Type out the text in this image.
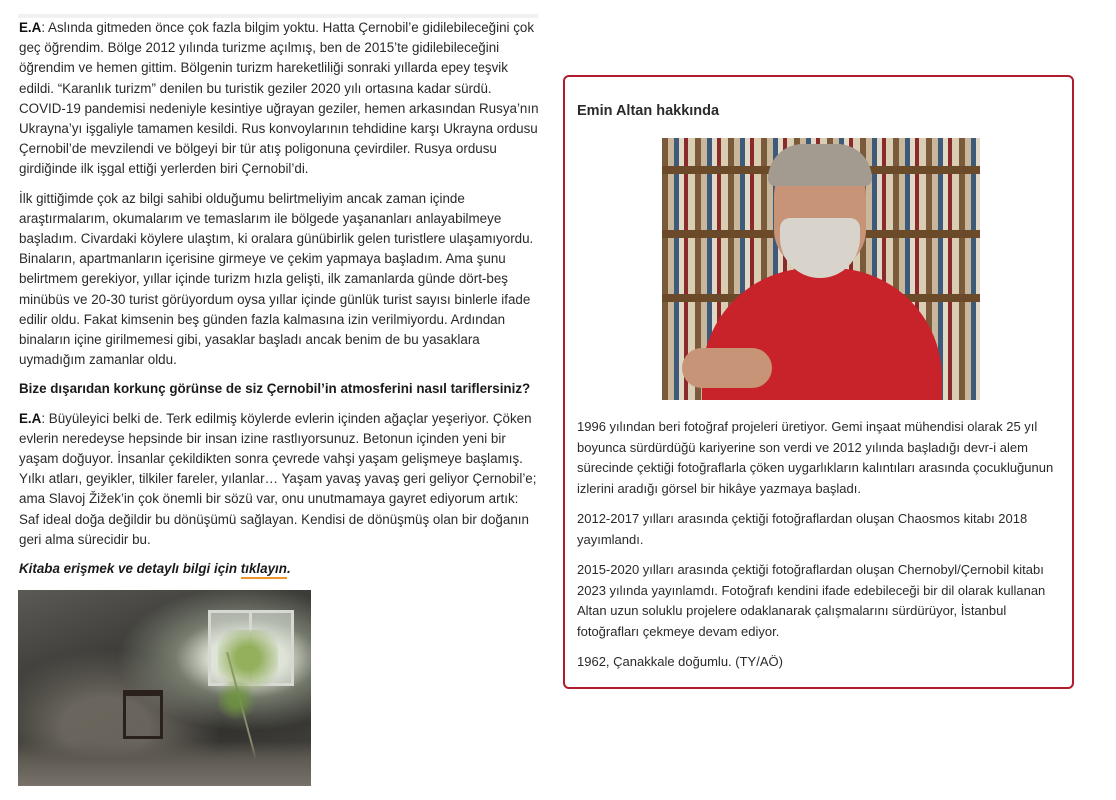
E.A: Aslında gitmeden önce çok fazla bilgim yoktu. Hatta Çernobil’e gidilebileceğini çok geç öğrendim. Bölge 2012 yılında turizme açılmış, ben de 2015’te gidilebileceğini öğrendim ve hemen gittim. Bölgenin turizm hareketliliği sonraki yıllarda epey teşvik edildi. “Karanlık turizm” denilen bu turistik geziler 2020 yılı ortasına kadar sürdü. COVID-19 pandemisi nedeniyle kesintiye uğrayan geziler, hemen arkasından Rusya’nın Ukrayna’yı işgaliyle tamamen kesildi. Rus konvoylarının tehdidine karşı Ukrayna ordusu Çernobil’de mevzilendi ve bölgeyi bir tür atış poligonuna çevirdiler. Rusya ordusu girdiğinde ilk işgal ettiği yerlerden biri Çernobil’di.

İlk gittiğimde çok az bilgi sahibi olduğumu belirtmeliyim ancak zaman içinde araştırmalarım, okumalarım ve temaslarım ile bölgede yaşananları anlayabilmeye başladım. Civardaki köylere ulaştım, ki oralara günübirlik gelen turistlere ulaşamıyordu. Binaların, apartmanların içerisine girmeye ve çekim yapmaya başladım. Ama şunu belirtmem gerekiyor, yıllar içinde turizm hızla gelişti, ilk zamanlarda günde dört-beş minübüs ve 20-30 turist görüyordum oysa yıllar içinde günlük turist sayısı binlerle ifade edilir oldu. Fakat kimsenin beş günden fazla kalmasına izin verilmiyordu. Ardından binaların içine girilmemesi gibi, yasaklar başladı ancak benim de bu yasaklara uymadığım zamanlar oldu.

Bize dışarıdan korkunç görünse de siz Çernobil’in atmosferini nasıl tariflersiniz?

E.A: Büyüleyici belki de. Terk edilmiş köylerde evlerin içinden ağaçlar yeşeriyor. Çöken evlerin neredeyse hepsinde bir insan izine rastlıyorsunuz. Betonun içinden yeni bir yaşam doğuyor. İnsanlar çekildikten sonra çevrede vahşi yaşam gelişmeye başlamış. Yılkı atları, geyikler, tilkiler fareler, yılanlar… Yaşam yavaş yavaş geri geliyor Çernobil’e; ama Slavoj Žižek’in çok önemli bir sözü var, onu unutmamaya gayret ediyorum artık: Saf ideal doğa değildir bu dönüşümü sağlayan. Kendisi de dönüşmüş olan bir doğanın geri alma sürecidir bu.

Kitaba erişmek ve detaylı bilgi için tıklayın.

Emin Altan hakkında

1996 yılından beri fotoğraf projeleri üretiyor. Gemi inşaat mühendisi olarak 25 yıl boyunca sürdürdüğü kariyerine son verdi ve 2012 yılında başladığı devr-i alem sürecinde çektiği fotoğraflarla çöken uygarlıkların kalıntıları arasında çocukluğunun izlerini aradığı görsel bir hikâye yazmaya başladı.

2012-2017 yılları arasında çektiği fotoğraflardan oluşan Chaosmos kitabı 2018 yayımlandı.

2015-2020 yılları arasında çektiği fotoğraflardan oluşan Chernobyl/Çernobil kitabı 2023 yılında yayınlamdı. Fotoğrafı kendini ifade edebileceği bir dil olarak kullanan Altan uzun soluklu projelere odaklanarak çalışmalarını sürdürüyor, İstanbul fotoğrafları çekmeye devam ediyor.

1962, Çanakkale doğumlu. (TY/AÖ)
